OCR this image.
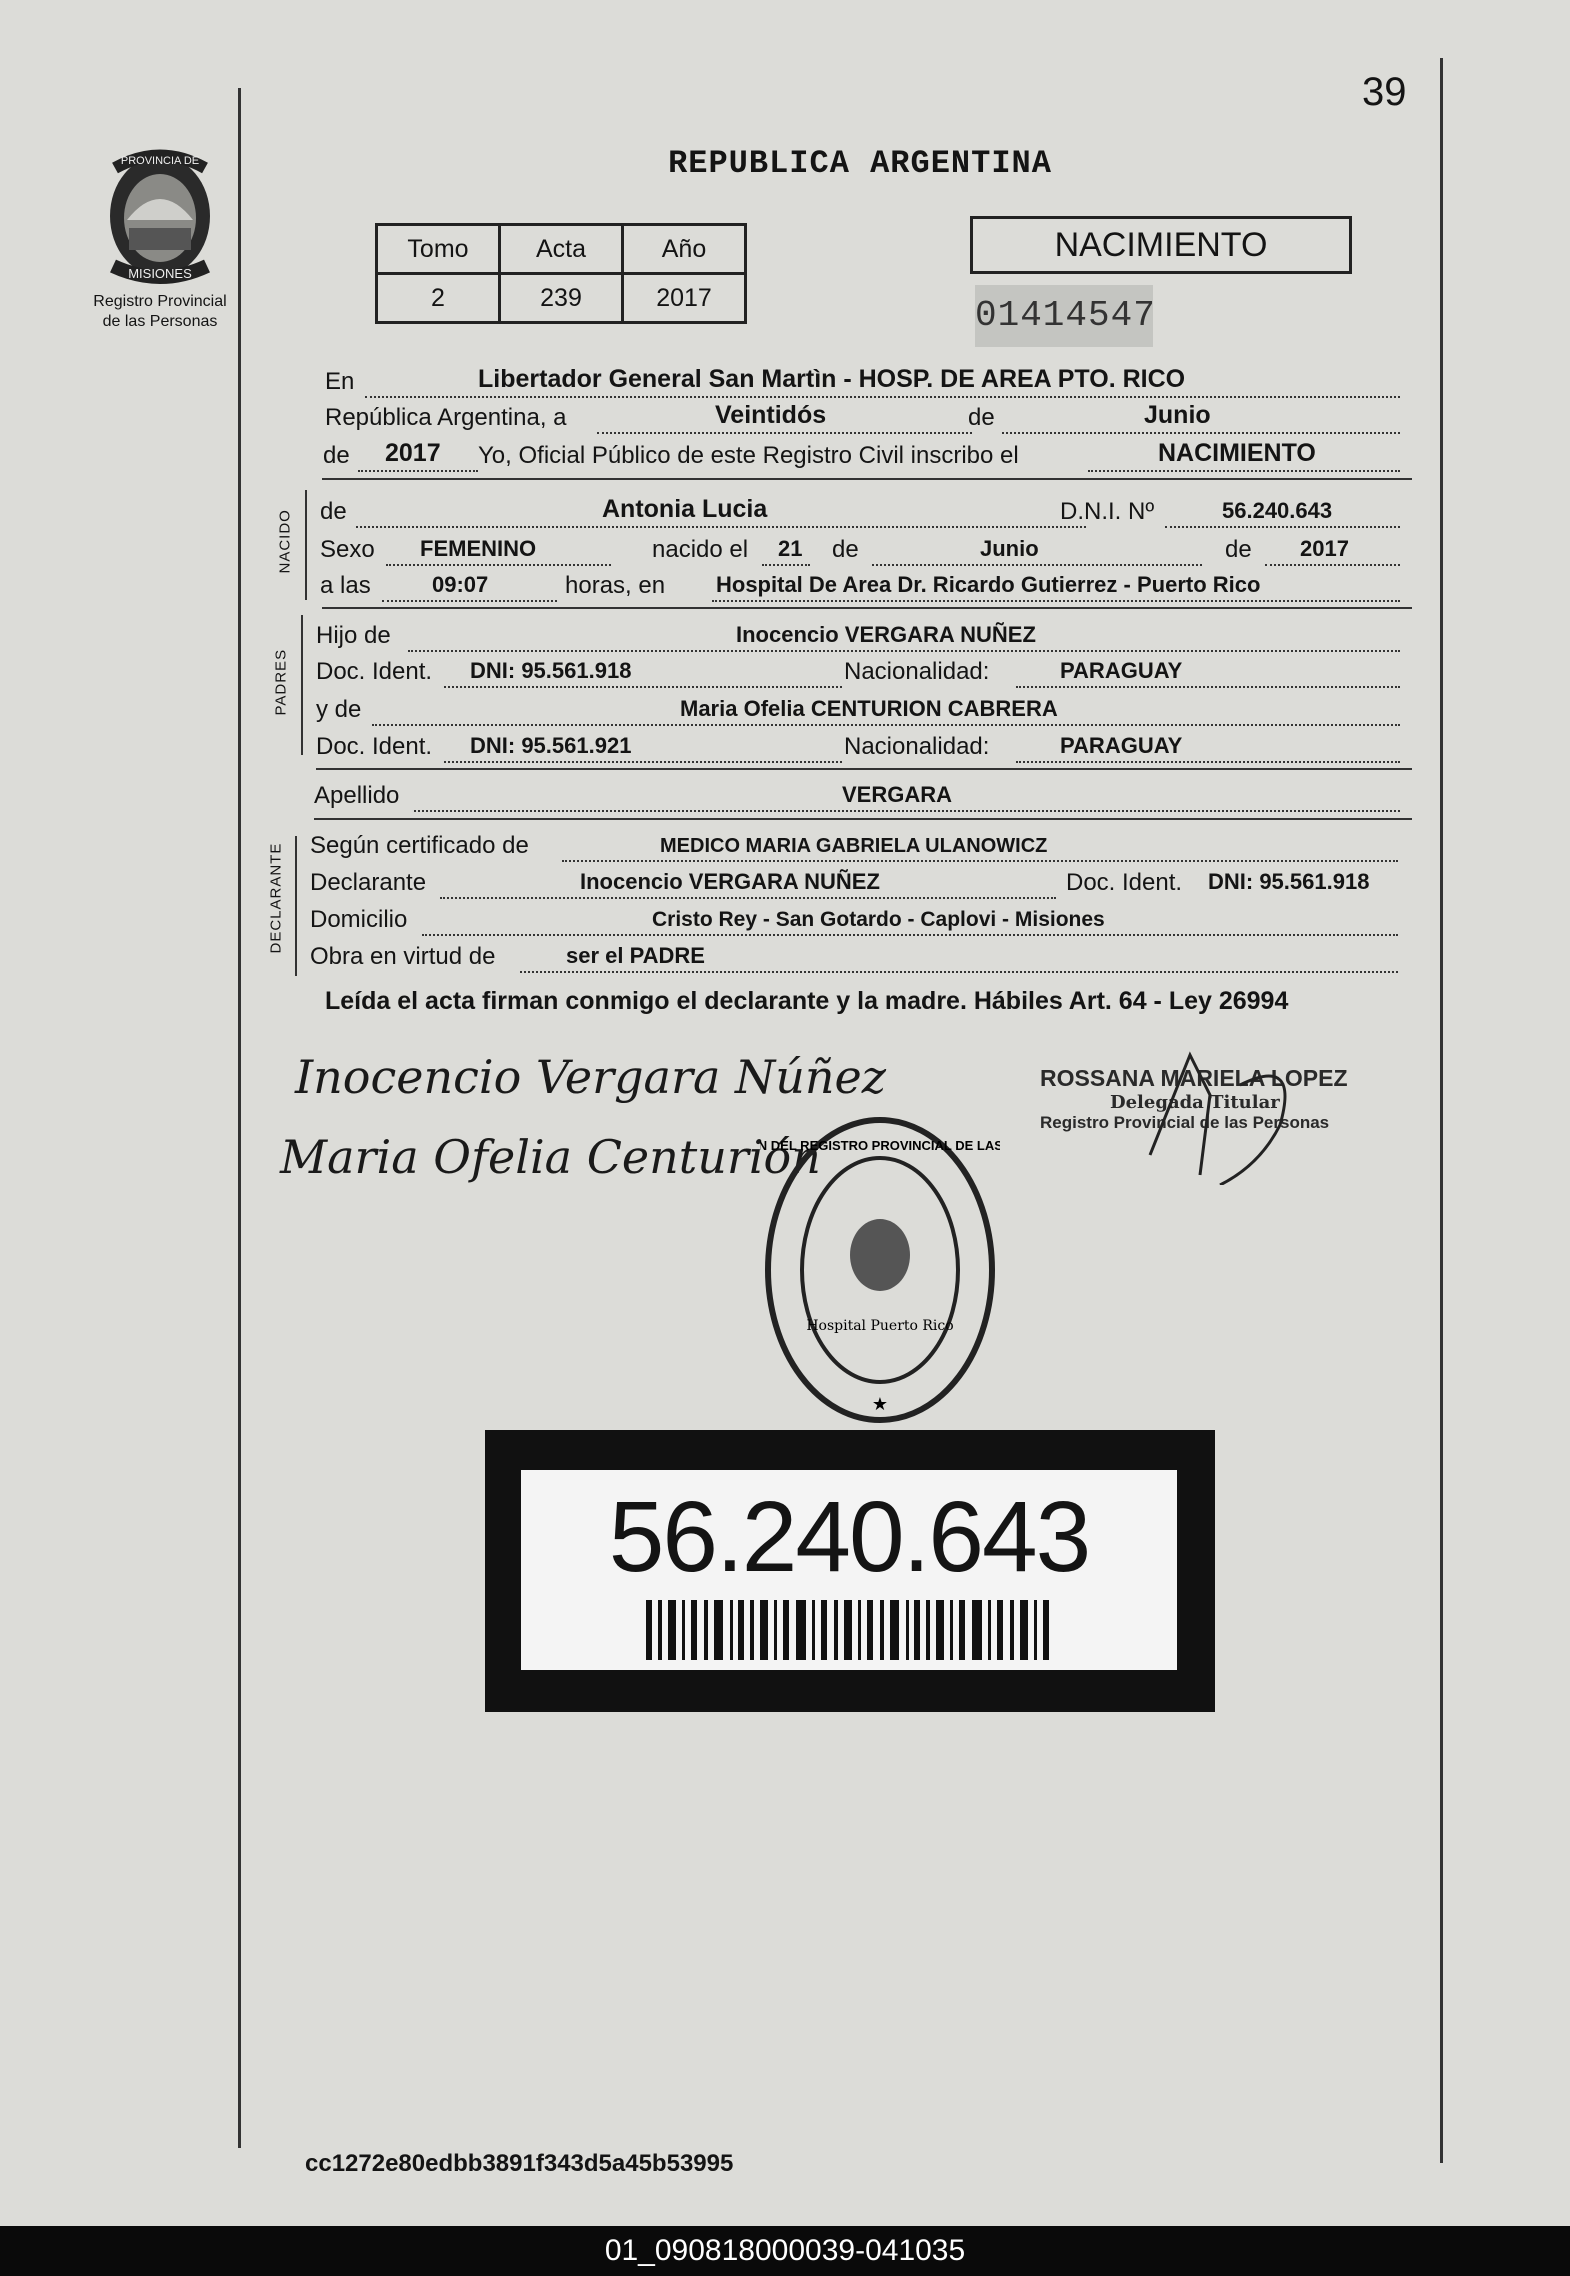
39
PROVINCIA DE
MISIONES
Registro Provincial
de las Personas
REPUBLICA ARGENTINA
Tomo	Acta	Año
2	239	2017
NACIMIENTO
01414547
En	Libertador General San Martìn - HOSP. DE AREA PTO. RICO
República Argentina, a	Veintidós	de	Junio
de 2017 Yo, Oficial Público de este Registro Civil inscribo el	NACIMIENTO
NACIDO de	Antonia Lucia	D.N.I. Nº	56.240.643
Sexo FEMENINO	nacido el 21 de	Junio	de 2017
a las	09:07	horas, en Hospital De Area Dr. Ricardo Gutierrez - Puerto Rico
PADRES
Hijo de	Inocencio VERGARA NUÑEZ
Doc. Ident. DNI: 95.561.918	Nacionalidad:	PARAGUAY
y de	Maria Ofelia CENTURION CABRERA
Doc. Ident. DNI: 95.561.921	Nacionalidad:	PARAGUAY
Apellido	VERGARA
DECLARANTE Según certificado de	MEDICO MARIA GABRIELA ULANOWICZ
Declarante	Inocencio VERGARA NUÑEZ	Doc. Ident. DNI: 95.561.918
Domicilio	Cristo Rey - San Gotardo - Caplovi - Misiones
Obra en virtud de	ser el PADRE
Leída el acta firman conmigo el declarante y la madre. Hábiles Art. 64 - Ley 26994
Inocencio Vergara Núñez
Maria Ofelia Centurión
ROSSANA MARIELA LOPEZ
Delegada Titular
Registro Provincial de las Personas
N DEL REGISTRO PROVINCIAL DE LAS
Hospital Puerto Rico
★
56.240.643
cc1272e80edbb3891f343d5a45b53995
01_090818000039-041035
